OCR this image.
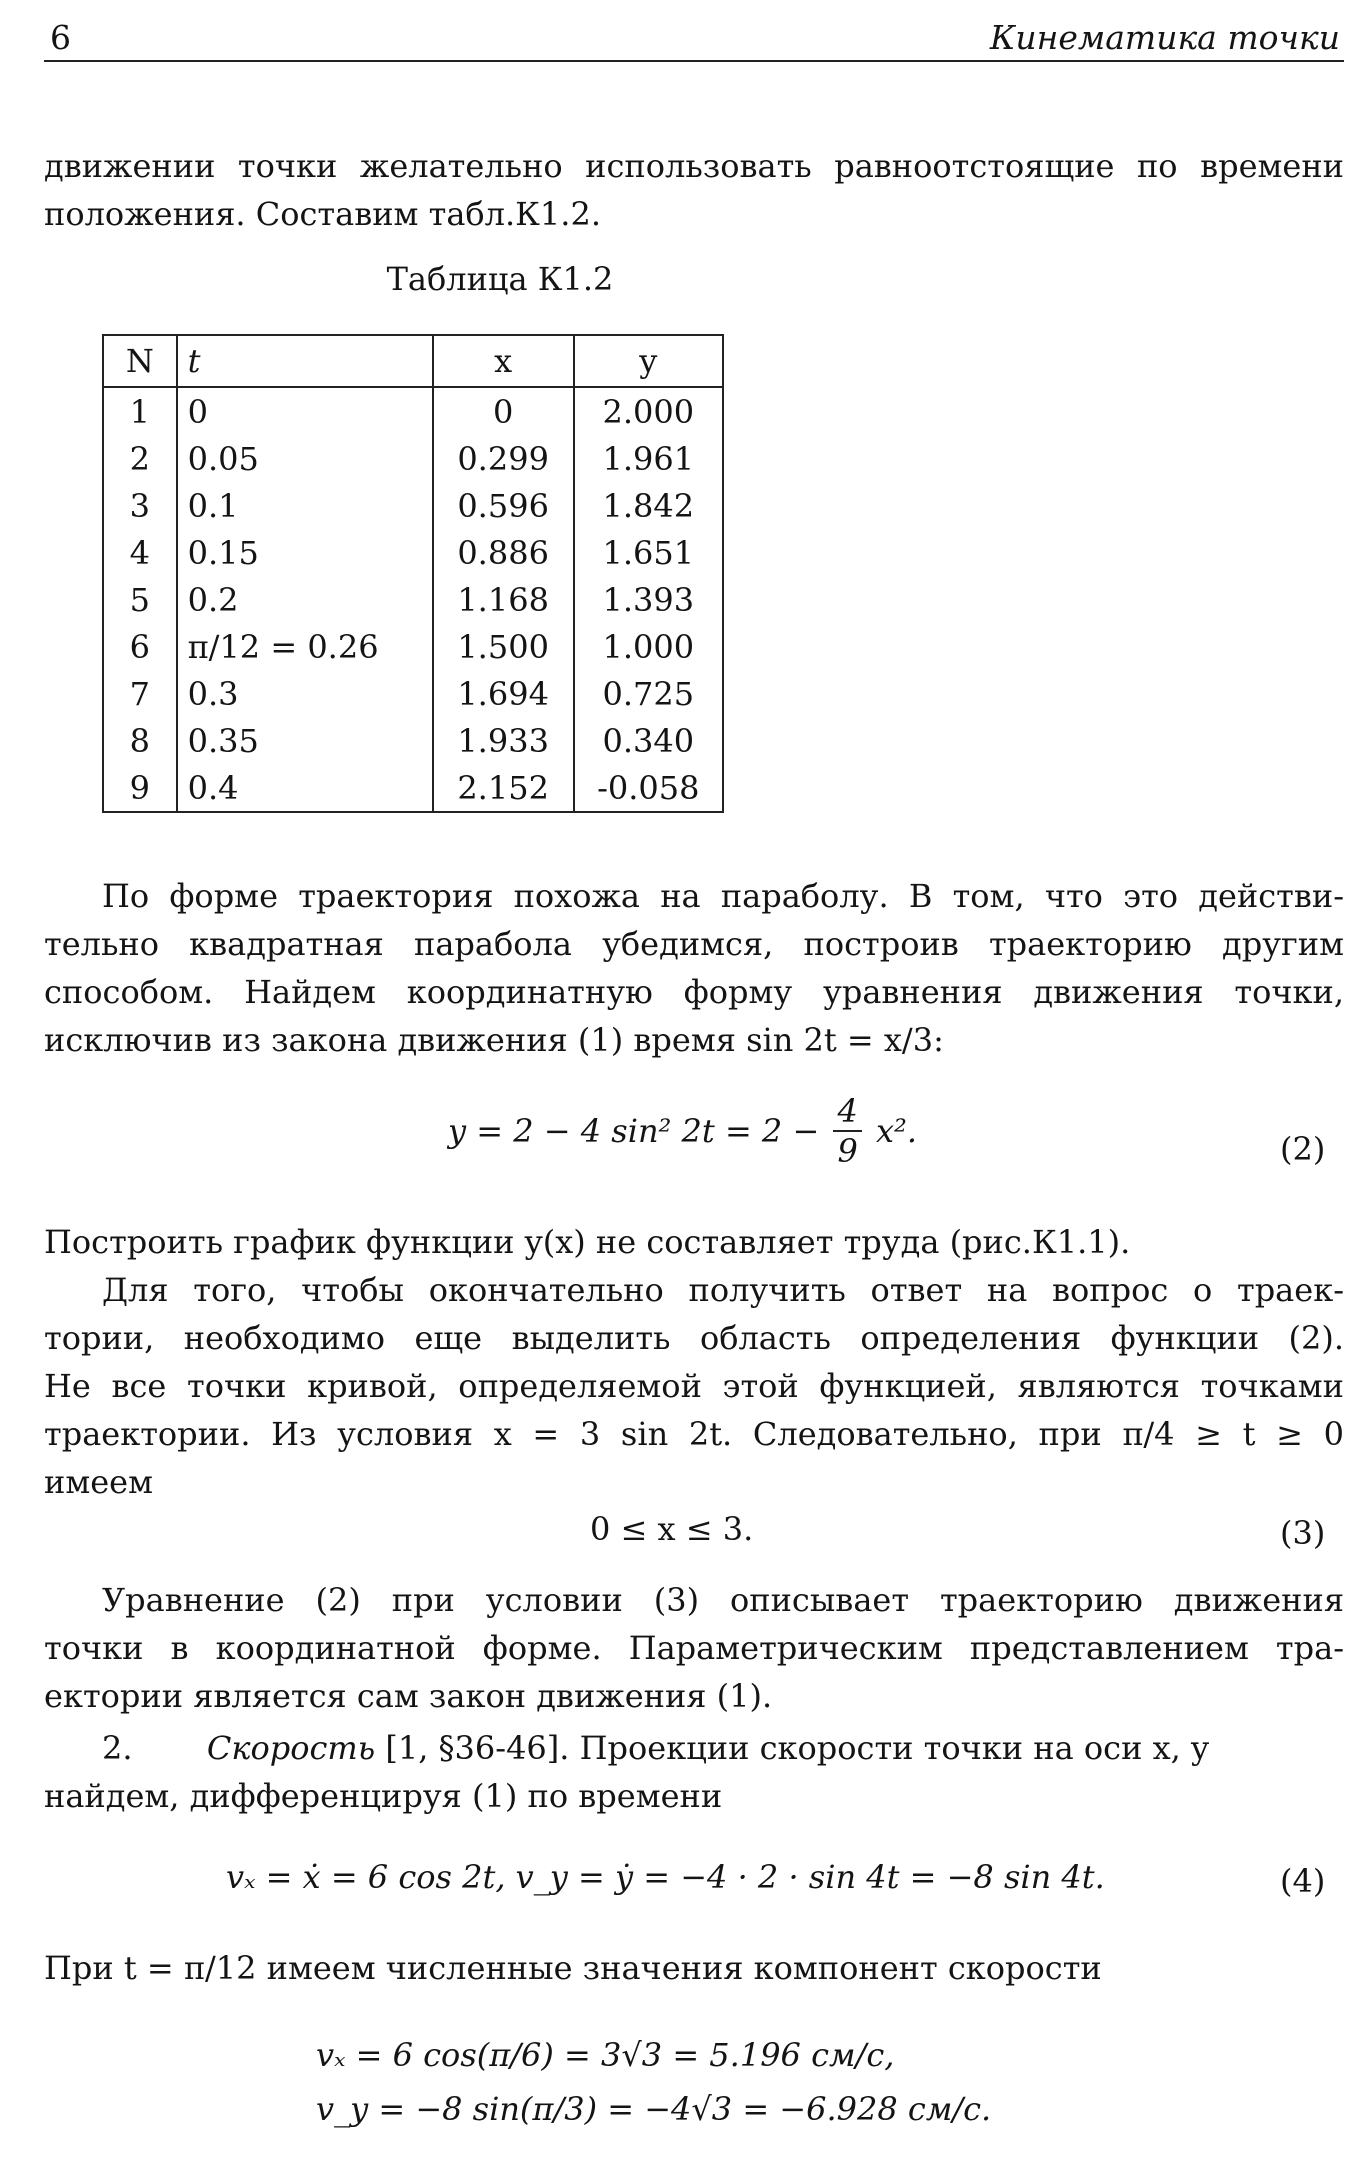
6	Кинематика точки
движении точки желательно использовать равноотстоящие по времени
положения. Составим табл.К1.2.
Таблица К1.2
N	t	x	y
1	0	0	2.000
2	0.05	0.299	1.961
3	0.1	0.596	1.842
4	0.15	0.886	1.651
5	0.2	1.168	1.393
6	π/12 = 0.26	1.500	1.000
7	0.3	1.694	0.725
8	0.35	1.933	0.340
9	0.4	2.152	-0.058
По форме траектория похожа на параболу. В том, что это действи-
тельно квадратная парабола убедимся, построив траекторию другим
способом. Найдем координатную форму уравнения движения точки,
исключив из закона движения (1) время sin 2t = x/3:
y = 2 − 4 sin² $2t = 2 - \frac{4}{9} x^2$.	(2)
Построить график функции y(x) не составляет труда (рис.К1.1).
Для того, чтобы окончательно получить ответ на вопрос о траек-
тории, необходимо еще выделить область определения функции (2).
Не все точки кривой, определяемой этой функцией, являются точками
траектории. Из условия x = 3 sin 2t. Следовательно, при π/4 ≥ t ≥ 0
имеем
0 ≤ x ≤ 3.	(3)
Уравнение (2) при условии (3) описывает траекторию движения
точки в координатной форме. Параметрическим представлением тра-
ектории является сам закон движения (1).
2. Скорость [1, §36-46]. Проекции скорости точки на оси x, y
найдем, дифференцируя (1) по времени
vₓ = ẋ = 6 cos 2t, v_y = ẏ = −4 · 2 · sin 4t = −8 sin 4t.	(4)
При t = π/12 имеем численные значения компонент скорости
vₓ = 6 cos(π/6) = 3√3 = 5.196 см/с,
v_y = −8 sin(π/3) = −4√3 = −6.928 см/с.
